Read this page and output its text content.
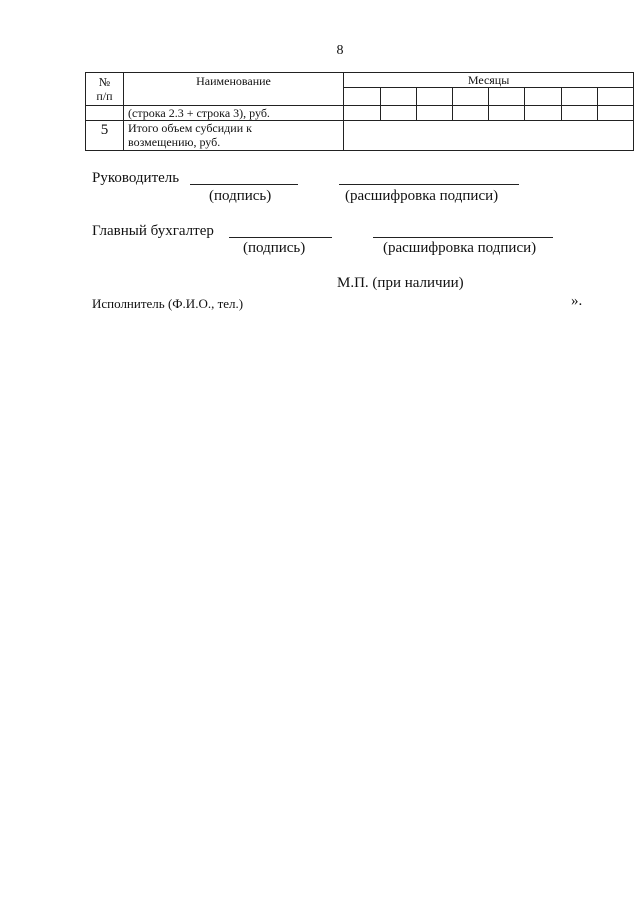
8
№
п/п	Наименование	Месяцы							

	(строка 2.3 + строка 3), руб.								

5	Итого объем субсидии к
возмещению, руб.								

Руководитель
(подпись)	(расшифровка подписи)
Главный бухгалтер
(подпись)	(расшифровка подписи)
М.П. (при наличии)
Исполнитель (Ф.И.О., тел.)	».
